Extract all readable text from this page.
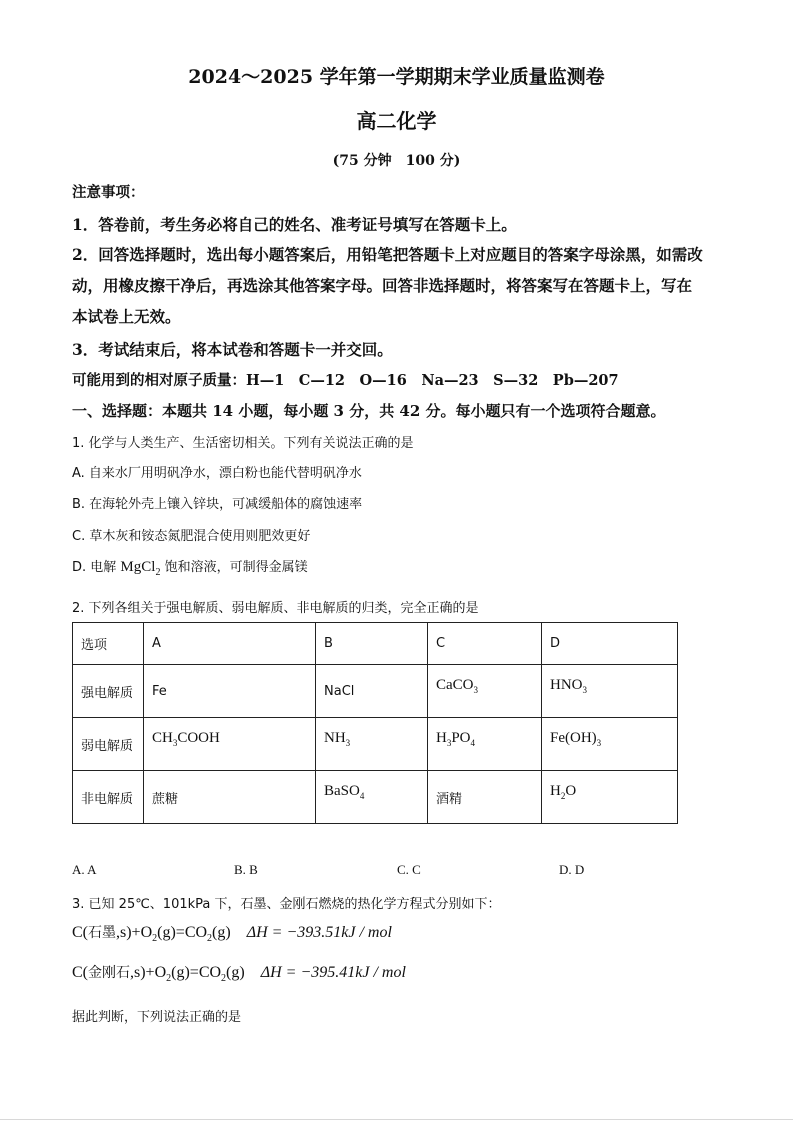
2024～2025 学年第一学期期末学业质量监测卷
高二化学
(75 分钟　100 分)
注意事项：
1．答卷前，考生务必将自己的姓名、准考证号填写在答题卡上。
2．回答选择题时，选出每小题答案后，用铅笔把答题卡上对应题目的答案字母涂黑，如需改
动，用橡皮擦干净后，再选涂其他答案字母。回答非选择题时，将答案写在答题卡上，写在
本试卷上无效。
3．考试结束后，将本试卷和答题卡一并交回。
可能用到的相对原子质量：H—1　C—12　O—16　Na—23　S—32　Pb—207
一、选择题：本题共 14 小题，每小题 3 分，共 42 分。每小题只有一个选项符合题意。
1. 化学与人类生产、生活密切相关。下列有关说法正确的是
A. 自来水厂用明矾净水，漂白粉也能代替明矾净水
B. 在海轮外壳上镶入锌块，可减缓船体的腐蚀速率
C. 草木灰和铵态氮肥混合使用则肥效更好
D. 电解 MgCl$_2$ 饱和溶液，可制得金属镁
2. 下列各组关于强电解质、弱电解质、非电解质的归类，完全正确的是
选项	A	B	C	D
强电解质	Fe	NaCl	CaCO$_3$	$HNO_3$
弱电解质	$CH_3COOH$	$NH_3$	$H_3PO_4$	$Fe(OH)_3$
非电解质	蔗糖	BaSO$_4$	酒精	$H_2O$
A. A	B. B	C. C	D. D
3. 已知 25℃、101kPa 下，石墨、金刚石燃烧的热化学方程式分别如下：
C(石墨$,s)+O_2(g)=CO_2(g)$    ΔH = −393.51kJ / mol
C(金刚石$,s)+O_2(g)=CO_2(g)$    ΔH = −395.41kJ / mol
据此判断，下列说法正确的是
